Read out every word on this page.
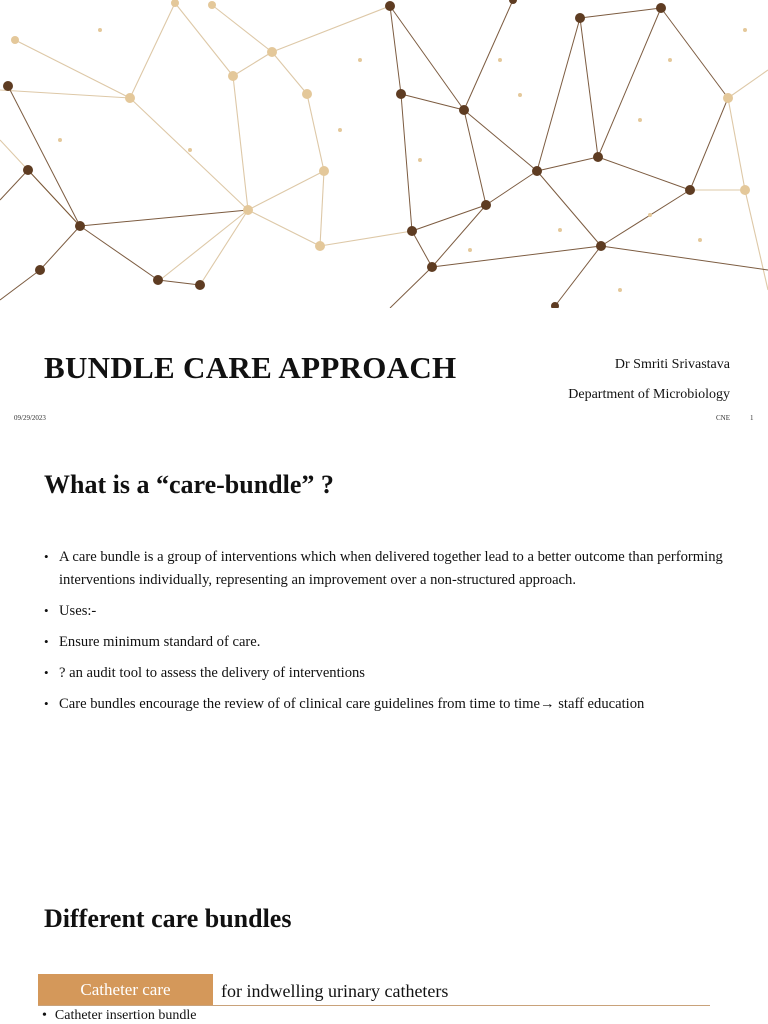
BUNDLE CARE APPROACH	Dr Smriti Srivastava
Department of Microbiology
09/29/2023	CNE	1
What is a “care-bundle” ?
• A care bundle is a group of interventions which when delivered together lead to a better outcome than performing interventions individually, representing an improvement over a non-structured approach.
• Uses:-
• Ensure minimum standard of care.
• ? an audit tool to assess the delivery of interventions
• Care bundles encourage the review of of clinical care guidelines from time to time→ staff education
Different care bundles
Catheter care	for indwelling urinary catheters
• Catheter insertion bundle
